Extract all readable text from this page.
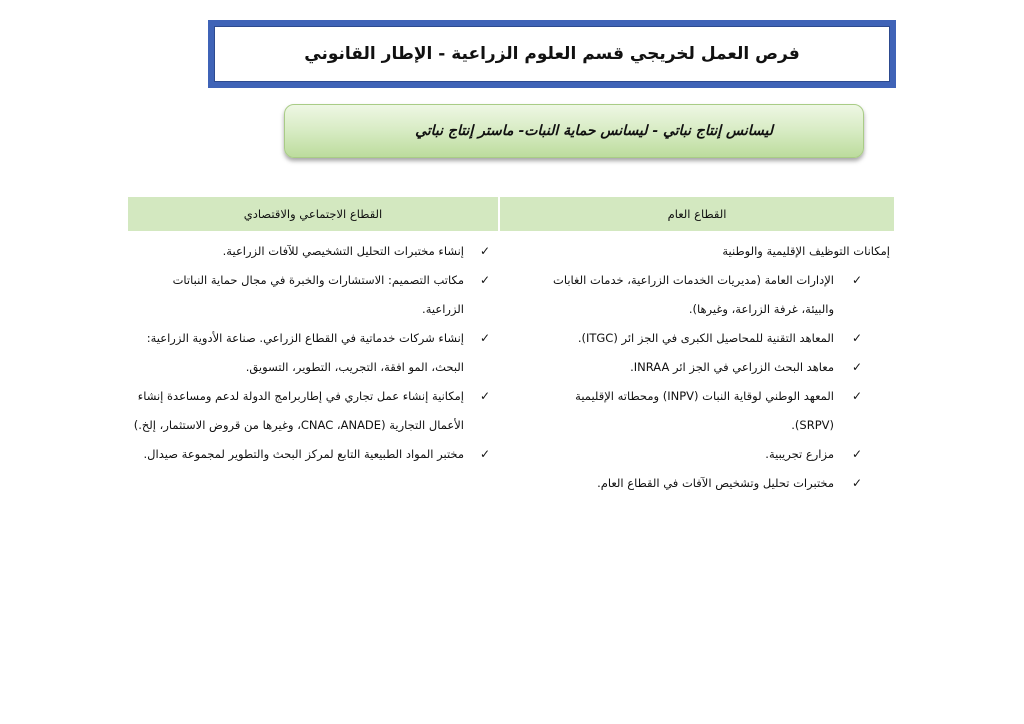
فرص العمل لخريجي قسم العلوم الزراعية - الإطار القانوني
ليسانس إنتاج نباتي - ليسانس حماية النبات- ماستر إنتاج نباتي
القطاع العام
إمكانات التوظيف الإقليمية والوطنية
✓
الإدارات العامة (مديريات الخدمات الزراعية، خدمات الغابات والبيئة، غرفة الزراعة، وغيرها).
✓
المعاهد التقنية للمحاصيل الكبرى في الجز ائر (ITGC).
✓
معاهد البحث الزراعي في الجز ائر INRAA.
✓
المعهد الوطني لوقاية النبات (INPV) ومحطاته الإقليمية (SRPV).
✓
مزارع تجريبية.
✓
مختبرات تحليل وتشخيص الآفات في القطاع العام.
القطاع الاجتماعي والاقتصادي
✓
إنشاء مختبرات التحليل التشخيصي للآفات الزراعية.
✓
مكاتب التصميم: الاستشارات والخبرة في مجال حماية النباتات الزراعية.
✓
إنشاء شركات خدماتية في القطاع الزراعي. صناعة الأدوية الزراعية: البحث، المو افقة، التجريب، التطوير، التسويق.
✓
إمكانية إنشاء عمل تجاري في إطاربرامج الدولة لدعم ومساعدة إنشاء الأعمال التجارية (CNAC ،ANADE، وغيرها من قروض الاستثمار، إلخ.)
✓
مختبر المواد الطبيعية التابع لمركز البحث والتطوير لمجموعة صيدال.
